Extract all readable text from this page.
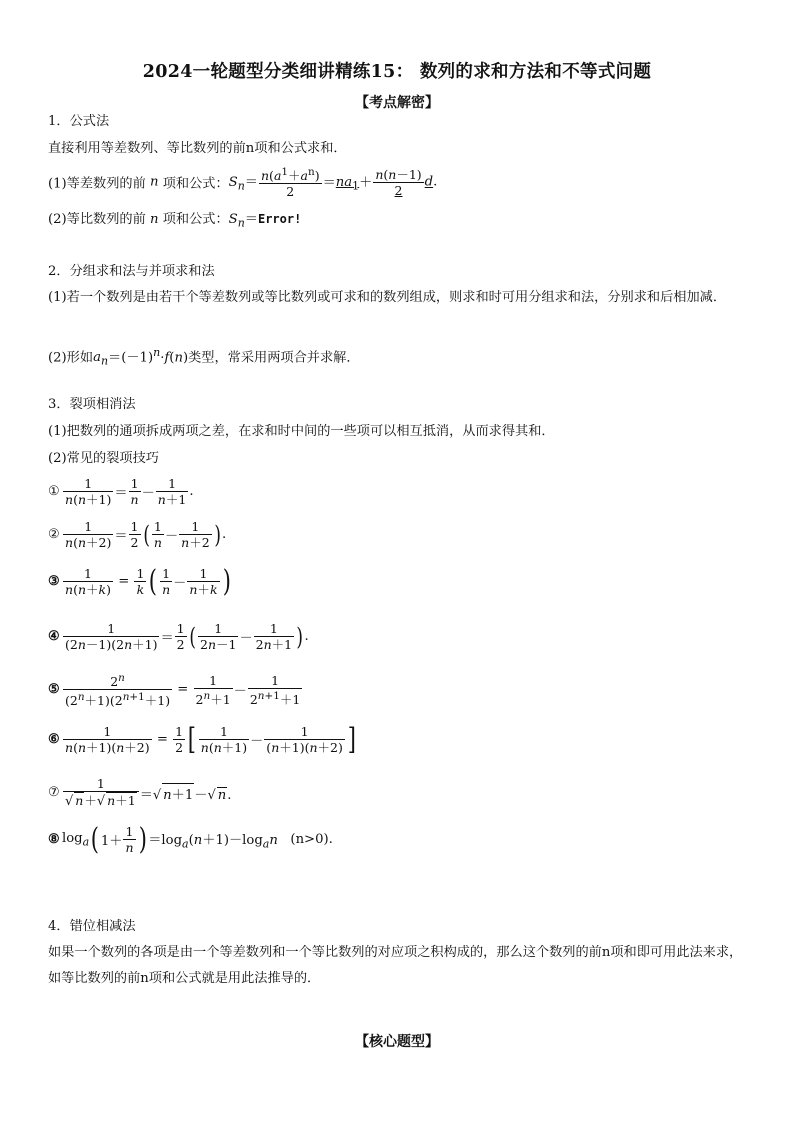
2024一轮题型分类细讲精练15： 数列的求和方法和不等式问题
【考点解密】
1．公式法
直接利用等差数列、等比数列的前n项和公式求和．
(1)等差数列的前 n 项和公式：$S_n= \frac{n(a^1+a^n)}{2} =na_1+ \frac{n(n-1)}{2} d$.
(2)等比数列的前 n 项和公式：$S_n=Error$!
2．分组求和法与并项求和法
(1)若一个数列是由若干个等差数列或等比数列或可求和的数列组成，则求和时可用分组求和法，分别求和后相加减．
(2)形如$a_n=(-1)^n\cdot f(n)$类型，常采用两项合并求解．
3．裂项相消法
(1)把数列的通项拆成两项之差，在求和时中间的一些项可以相互抵消，从而求得其和．
(2)常见的裂项技巧
① $\frac{1}{n(n+1)} = \frac{1}{n} - \frac{1}{n+1}$ .
② $\frac{1}{n(n+2)} = \frac{1}{2}$ ( $\frac{1}{n} - \frac{1}{n+2}$ ).
③ $\frac{1}{n(n+k)} = \frac{1}{k}$ ( $\frac{1}{n} - \frac{1}{n+k}$ )
④ $\frac{1}{(2n-1)(2n+1)} = \frac{1}{2}$ ( $\frac{1}{2n-1} - \frac{1}{2n+1}$ ).
⑤ $\frac{2^n}{(2^n+1)(2^{n+1}+1)} = \frac{1}{2^n+1} - \frac{1}{2^{n+1}+1}$
⑥ $\frac{1}{n(n+1)(n+2)} = \frac{1}{2}$ [ $\frac{1}{n(n+1)} - \frac{1}{(n+1)(n+2)}$ ]
⑦ $\frac{1}{√ n+√ n+1}$ ＝√ n＋1－√ n.
⑧ $\log_a$( $1+ \frac{1}{n}$ ) $=\log_a(n+1)-\log_an$ (n>0).
4．错位相减法
如果一个数列的各项是由一个等差数列和一个等比数列的对应项之积构成的，那么这个数列的前n项和即可用此法来求，如等比数列的前n项和公式就是用此法推导的．
【核心题型】
